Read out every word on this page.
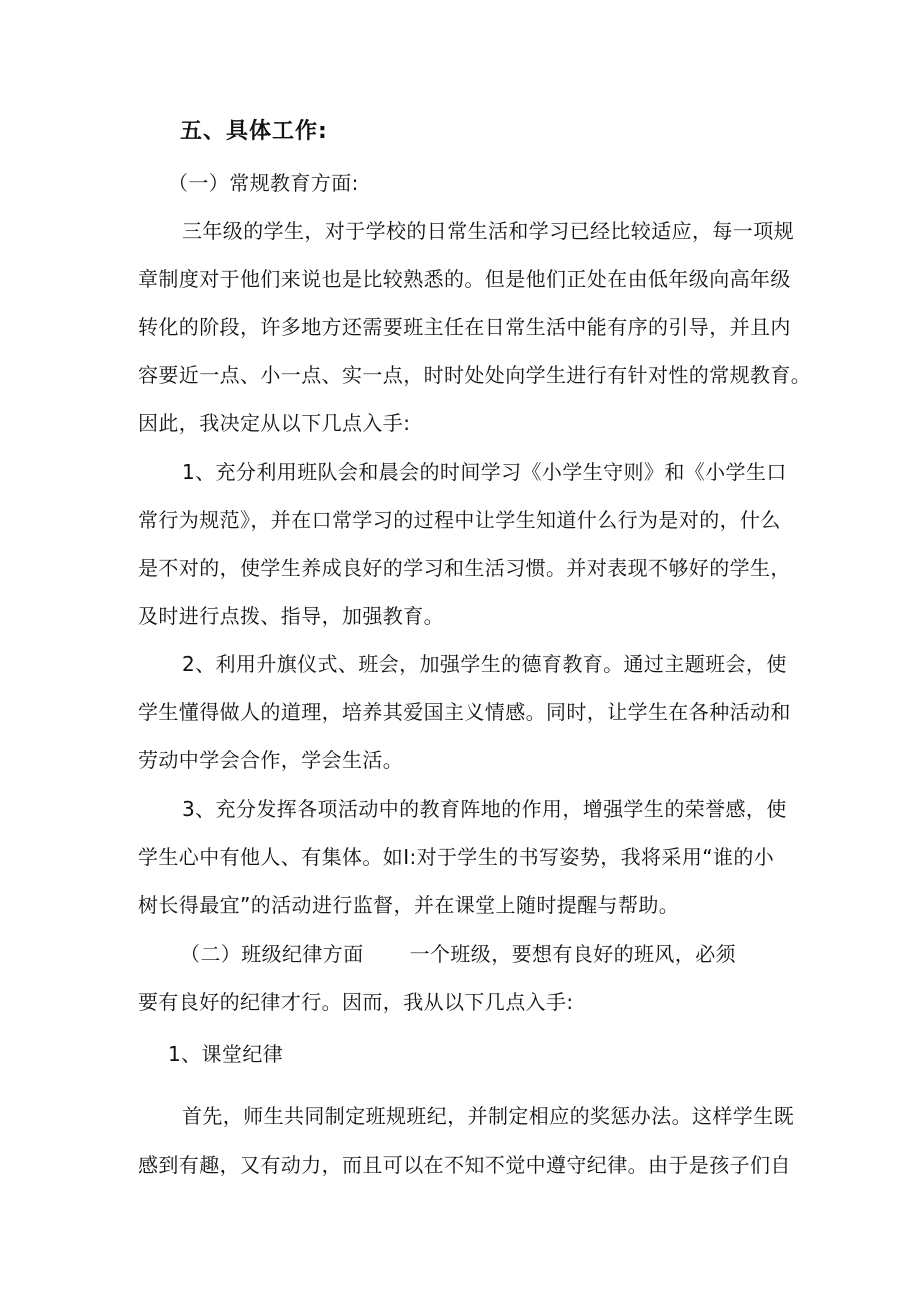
五、具体工作:
（一）常规教育方面:
三年级的学生，对于学校的日常生活和学习已经比较适应，每一项规
章制度对于他们来说也是比较熟悉的。但是他们正处在由低年级向高年级
转化的阶段，许多地方还需要班主任在日常生活中能有序的引导，并且内
容要近一点、小一点、实一点，时时处处向学生进行有针对性的常规教育。
因此，我决定从以下几点入手:
1、充分利用班队会和晨会的时间学习《小学生守则》和《小学生口
常行为规范》，并在口常学习的过程中让学生知道什么行为是对的，什么
是不对的，使学生养成良好的学习和生活习惯。并对表现不够好的学生，
及时进行点拨、指导，加强教育。
2、利用升旗仪式、班会，加强学生的德育教育。通过主题班会，使
学生懂得做人的道理，培养其爱国主义情感。同时，让学生在各种活动和
劳动中学会合作，学会生活。
3、充分发挥各项活动中的教育阵地的作用，增强学生的荣誉感，使
学生心中有他人、有集体。如Ⅰ:对于学生的书写姿势，我将采用“谁的小
树长得最宜”的活动进行监督，并在课堂上随时提醒与帮助。
（二）班级纪律方面 一个班级，要想有良好的班风，必须
要有良好的纪律才行。因而，我从以下几点入手:
1、课堂纪律
首先，师生共同制定班规班纪，并制定相应的奖惩办法。这样学生既
感到有趣，又有动力，而且可以在不知不觉中遵守纪律。由于是孩子们自
